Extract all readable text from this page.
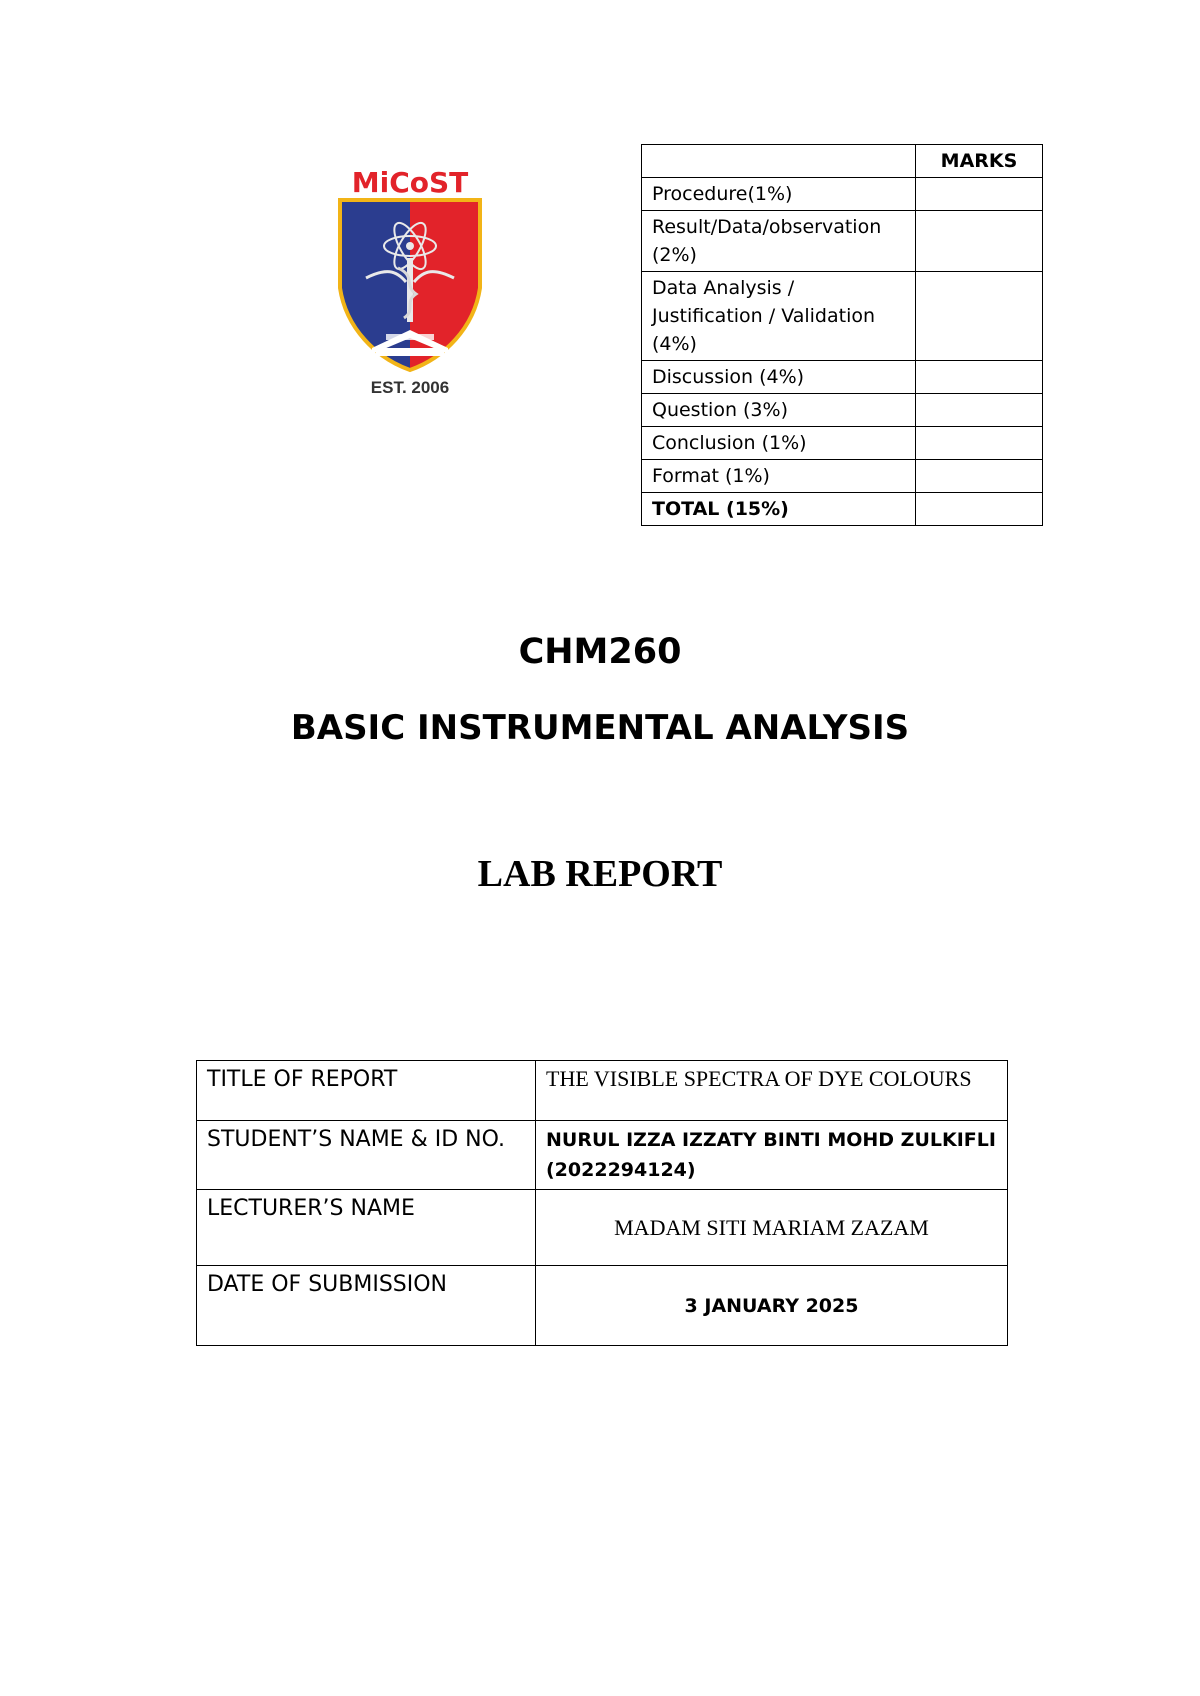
MiCoST
EST. 2006
	MARKS
Procedure(1%)	
Result/Data/observation (2%)	
Data Analysis / Justification / Validation (4%)	
Discussion (4%)	
Question (3%)	
Conclusion (1%)	
Format (1%)	
TOTAL (15%)	
CHM260
BASIC INSTRUMENTAL ANALYSIS
LAB REPORT
TITLE OF REPORT	THE VISIBLE SPECTRA OF DYE COLOURS
STUDENT’S NAME & ID NO.	NURUL IZZA IZZATY BINTI MOHD ZULKIFLI
(2022294124)

LECTURER’S NAME	MADAM SITI MARIAM ZAZAM
DATE OF SUBMISSION	3 JANUARY 2025
